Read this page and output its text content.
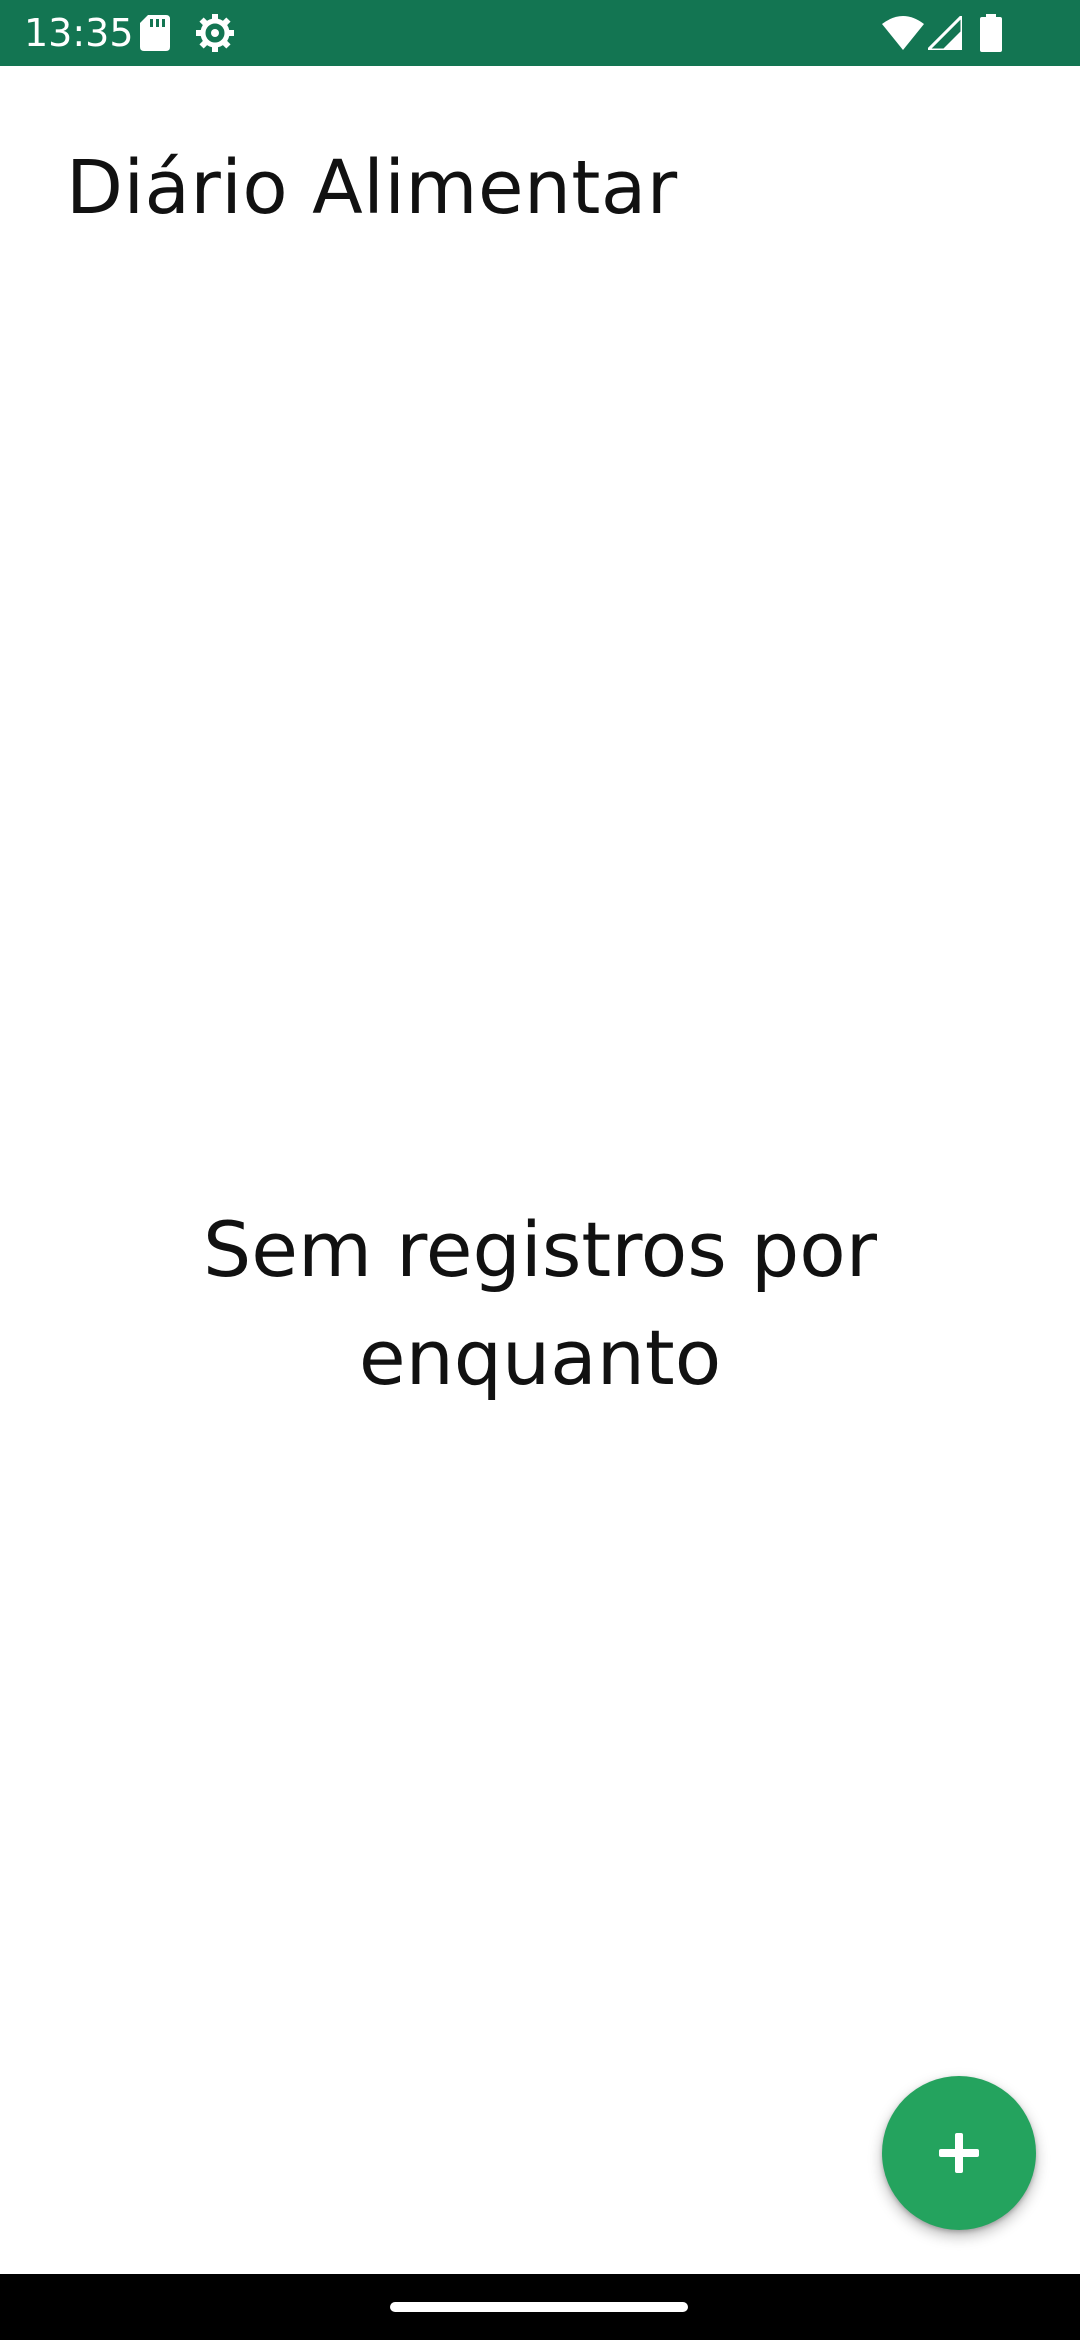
13:35
Diário Alimentar
Sem registros por
enquanto
